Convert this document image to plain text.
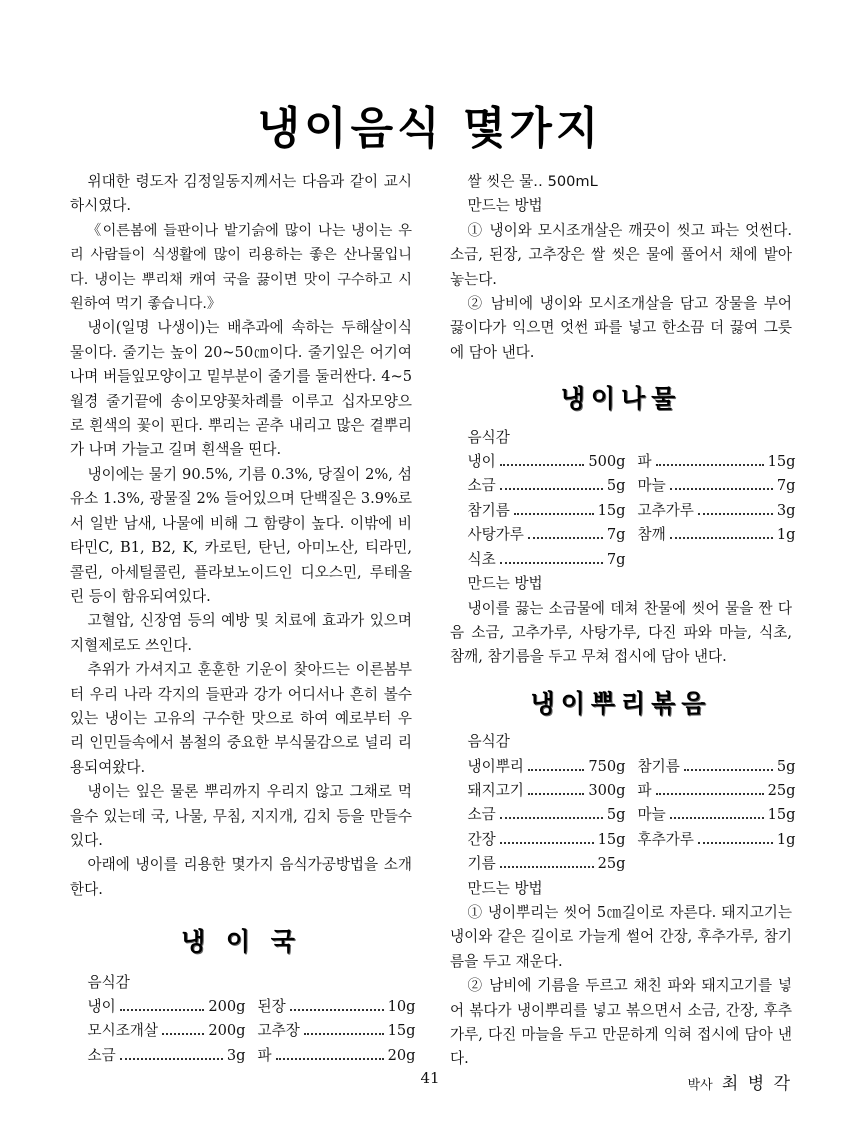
냉이음식 몇가지

위대한 령도자 김정일동지께서는 다음과 같이 교시하시였다.

《이른봄에 들판이나 밭기슭에 많이 나는 냉이는 우리 사람들이 식생활에 많이 리용하는 좋은 산나물입니다. 냉이는 뿌리채 캐여 국을 끓이면 맛이 구수하고 시원하여 먹기 좋습니다.》

냉이(일명 나생이)는 배추과에 속하는 두해살이식물이다. 줄기는 높이 20~50㎝이다. 줄기잎은 어기여 나며 버들잎모양이고 밑부분이 줄기를 둘러싼다. 4~5월경 줄기끝에 송이모양꽃차례를 이루고 십자모양으로 흰색의 꽃이 핀다. 뿌리는 곧추 내리고 많은 곁뿌리가 나며 가늘고 길며 흰색을 띤다.

냉이에는 물기 90.5%, 기름 0.3%, 당질이 2%, 섬유소 1.3%, 광물질 2% 들어있으며 단백질은 3.9%로서 일반 남새, 나물에 비해 그 함량이 높다. 이밖에 비타민C, B1, B2, K, 카로틴, 탄닌, 아미노산, 티라민, 콜린, 아세틸콜린, 플라보노이드인 디오스민, 루테올린 등이 함유되여있다.

고혈압, 신장염 등의 예방 및 치료에 효과가 있으며 지혈제로도 쓰인다.

추위가 가셔지고 훈훈한 기운이 찾아드는 이른봄부터 우리 나라 각지의 들판과 강가 어디서나 흔히 볼수 있는 냉이는 고유의 구수한 맛으로 하여 예로부터 우리 인민들속에서 봄철의 중요한 부식물감으로 널리 리용되여왔다.

냉이는 잎은 물론 뿌리까지 우리지 않고 그채로 먹을수 있는데 국, 나물, 무침, 지지개, 김치 등을 만들수 있다.

아래에 냉이를 리용한 몇가지 음식가공방법을 소개한다.

냉 이 국

음식감

냉이	200g 된장	10g
모시조개살	200g 고추장	15g
소금	3g 파	20g

쌀 씻은 물‥ 500mL

만드는 방법

① 냉이와 모시조개살은 깨끗이 씻고 파는 엇썬다. 소금, 된장, 고추장은 쌀 씻은 물에 풀어서 채에 밭아놓는다.

② 남비에 냉이와 모시조개살을 담고 장물을 부어 끓이다가 익으면 엇썬 파를 넣고 한소끔 더 끓여 그릇에 담아 낸다.

냉이나물

음식감

냉이	500g 파	15g
소금	5g 마늘	7g
참기름	15g 고추가루	3g
사탕가루	7g 참깨	1g
식초	7g

만드는 방법

냉이를 끓는 소금물에 데쳐 찬물에 씻어 물을 짠 다음 소금, 고추가루, 사탕가루, 다진 파와 마늘, 식초, 참깨, 참기름을 두고 무쳐 접시에 담아 낸다.

냉이뿌리볶음

음식감

냉이뿌리	750g 참기름	5g
돼지고기	300g 파	25g
소금	5g 마늘	15g
간장	15g 후추가루	1g
기름	25g

만드는 방법

① 냉이뿌리는 씻어 5㎝길이로 자른다. 돼지고기는 냉이와 같은 길이로 가늘게 썰어 간장, 후추가루, 참기름을 두고 재운다.

② 남비에 기름을 두르고 채친 파와 돼지고기를 넣어 볶다가 냉이뿌리를 넣고 볶으면서 소금, 간장, 후추가루, 다진 마늘을 두고 만문하게 익혀 접시에 담아 낸다.

박사 최 병 각

41
